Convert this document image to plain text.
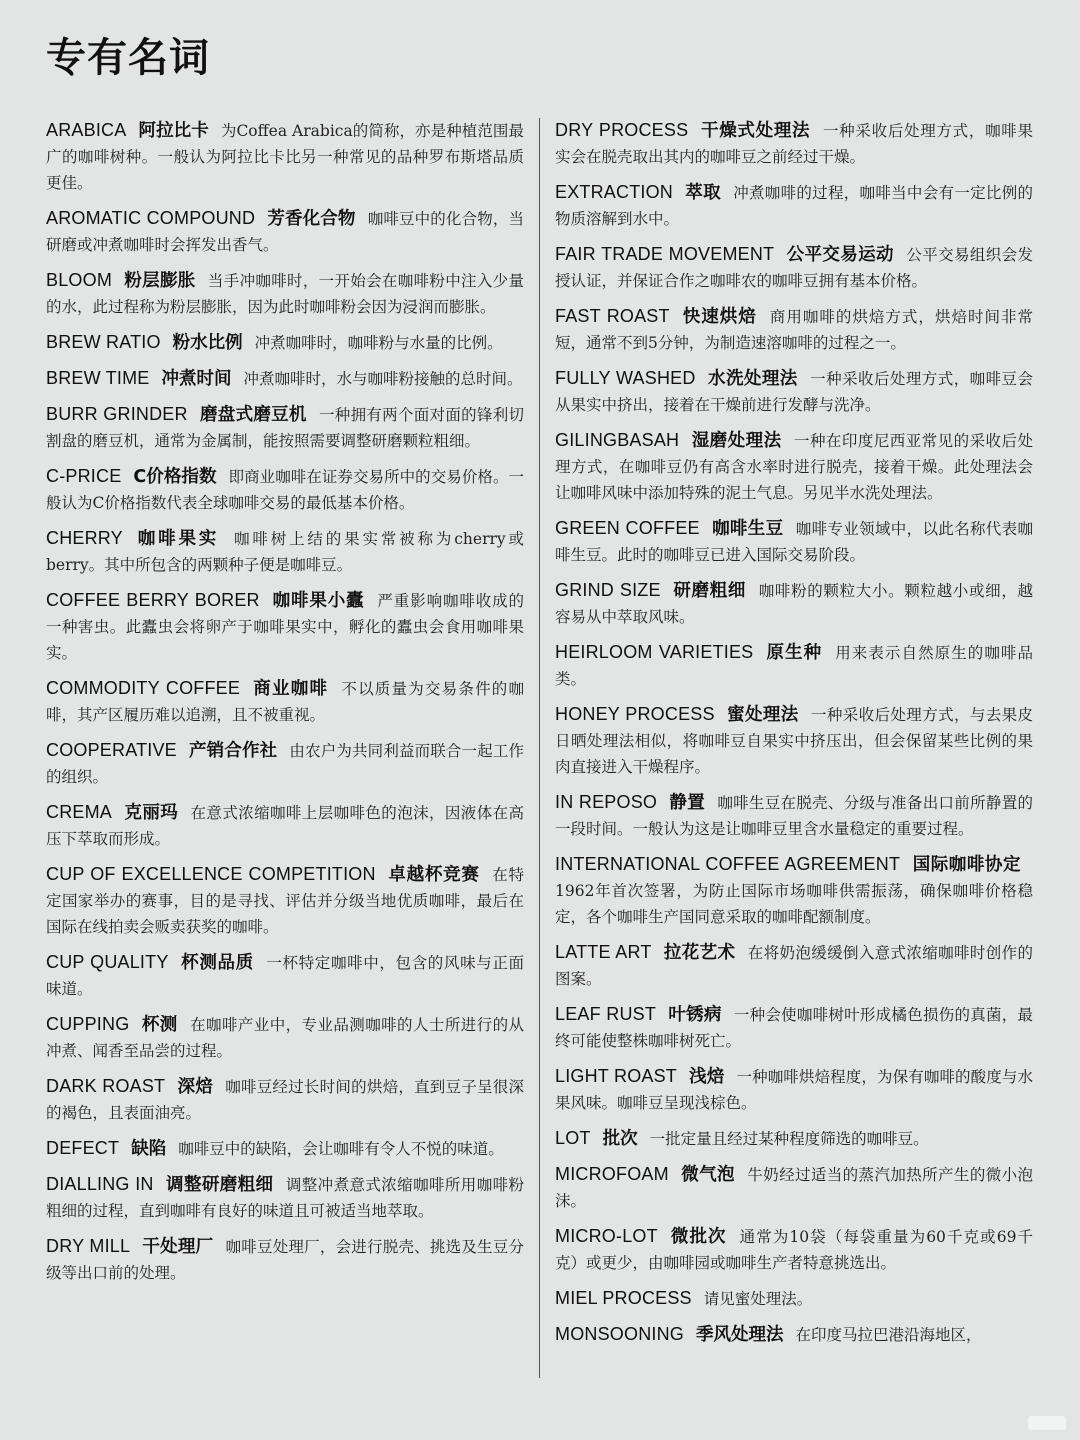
专有名词

ARABICA 阿拉比卡 为Coffea Arabica的简称，亦是种植范围最广的咖啡树种。一般认为阿拉比卡比另一种常见的品种罗布斯塔品质更佳。

AROMATIC COMPOUND 芳香化合物 咖啡豆中的化合物，当研磨或冲煮咖啡时会挥发出香气。

BLOOM 粉层膨胀 当手冲咖啡时，一开始会在咖啡粉中注入少量的水，此过程称为粉层膨胀，因为此时咖啡粉会因为浸润而膨胀。

BREW RATIO 粉水比例 冲煮咖啡时，咖啡粉与水量的比例。

BREW TIME 冲煮时间 冲煮咖啡时，水与咖啡粉接触的总时间。

BURR GRINDER 磨盘式磨豆机 一种拥有两个面对面的锋利切割盘的磨豆机，通常为金属制，能按照需要调整研磨颗粒粗细。

C-PRICE C价格指数 即商业咖啡在证券交易所中的交易价格。一般认为C价格指数代表全球咖啡交易的最低基本价格。

CHERRY 咖啡果实 咖啡树上结的果实常被称为cherry或berry。其中所包含的两颗种子便是咖啡豆。

COFFEE BERRY BORER 咖啡果小蠹 严重影响咖啡收成的一种害虫。此蠹虫会将卵产于咖啡果实中，孵化的蠹虫会食用咖啡果实。

COMMODITY COFFEE 商业咖啡 不以质量为交易条件的咖啡，其产区履历难以追溯，且不被重视。

COOPERATIVE 产销合作社 由农户为共同利益而联合一起工作的组织。

CREMA 克丽玛 在意式浓缩咖啡上层咖啡色的泡沫，因液体在高压下萃取而形成。

CUP OF EXCELLENCE COMPETITION 卓越杯竞赛 在特定国家举办的赛事，目的是寻找、评估并分级当地优质咖啡，最后在国际在线拍卖会贩卖获奖的咖啡。

CUP QUALITY 杯测品质 一杯特定咖啡中，包含的风味与正面味道。

CUPPING 杯测 在咖啡产业中，专业品测咖啡的人士所进行的从冲煮、闻香至品尝的过程。

DARK ROAST 深焙 咖啡豆经过长时间的烘焙，直到豆子呈很深的褐色，且表面油亮。

DEFECT 缺陷 咖啡豆中的缺陷，会让咖啡有令人不悦的味道。

DIALLING IN 调整研磨粗细 调整冲煮意式浓缩咖啡所用咖啡粉粗细的过程，直到咖啡有良好的味道且可被适当地萃取。

DRY MILL 干处理厂 咖啡豆处理厂，会进行脱壳、挑选及生豆分级等出口前的处理。

DRY PROCESS 干燥式处理法 一种采收后处理方式，咖啡果实会在脱壳取出其内的咖啡豆之前经过干燥。

EXTRACTION 萃取 冲煮咖啡的过程，咖啡当中会有一定比例的物质溶解到水中。

FAIR TRADE MOVEMENT 公平交易运动 公平交易组织会发授认证，并保证合作之咖啡农的咖啡豆拥有基本价格。

FAST ROAST 快速烘焙 商用咖啡的烘焙方式，烘焙时间非常短，通常不到5分钟，为制造速溶咖啡的过程之一。

FULLY WASHED 水洗处理法 一种采收后处理方式，咖啡豆会从果实中挤出，接着在干燥前进行发酵与洗净。

GILINGBASAH 湿磨处理法 一种在印度尼西亚常见的采收后处理方式，在咖啡豆仍有高含水率时进行脱壳，接着干燥。此处理法会让咖啡风味中添加特殊的泥土气息。另见半水洗处理法。

GREEN COFFEE 咖啡生豆 咖啡专业领域中，以此名称代表咖啡生豆。此时的咖啡豆已进入国际交易阶段。

GRIND SIZE 研磨粗细 咖啡粉的颗粒大小。颗粒越小或细，越容易从中萃取风味。

HEIRLOOM VARIETIES 原生种 用来表示自然原生的咖啡品类。

HONEY PROCESS 蜜处理法 一种采收后处理方式，与去果皮日晒处理法相似，将咖啡豆自果实中挤压出，但会保留某些比例的果肉直接进入干燥程序。

IN REPOSO 静置 咖啡生豆在脱壳、分级与准备出口前所静置的一段时间。一般认为这是让咖啡豆里含水量稳定的重要过程。

INTERNATIONAL COFFEE AGREEMENT 国际咖啡协定1962年首次签署，为防止国际市场咖啡供需振荡，确保咖啡价格稳定，各个咖啡生产国同意采取的咖啡配额制度。

LATTE ART 拉花艺术 在将奶泡缓缓倒入意式浓缩咖啡时创作的图案。

LEAF RUST 叶锈病 一种会使咖啡树叶形成橘色损伤的真菌，最终可能使整株咖啡树死亡。

LIGHT ROAST 浅焙 一种咖啡烘焙程度，为保有咖啡的酸度与水果风味。咖啡豆呈现浅棕色。

LOT 批次 一批定量且经过某种程度筛选的咖啡豆。

MICROFOAM 微气泡 牛奶经过适当的蒸汽加热所产生的微小泡沫。

MICRO-LOT 微批次 通常为10袋（每袋重量为60千克或69千克）或更少，由咖啡园或咖啡生产者特意挑选出。

MIEL PROCESS 请见蜜处理法。

MONSOONING 季风处理法 在印度马拉巴港沿海地区，
